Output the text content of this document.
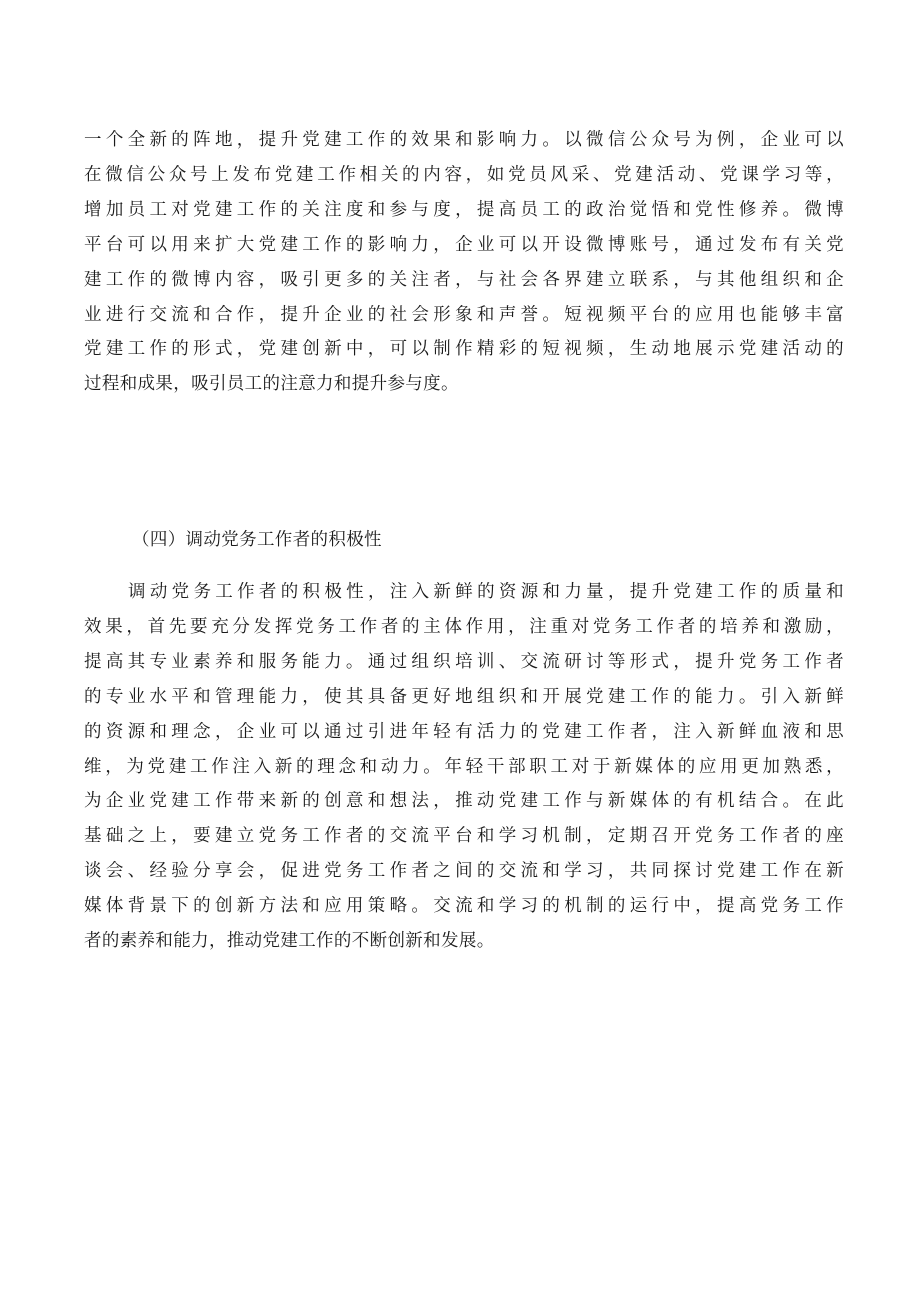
一个全新的阵地，提升党建工作的效果和影响力。以微信公众号为例，企业可以
在微信公众号上发布党建工作相关的内容，如党员风采、党建活动、党课学习等，
增加员工对党建工作的关注度和参与度，提高员工的政治觉悟和党性修养。微博
平台可以用来扩大党建工作的影响力，企业可以开设微博账号，通过发布有关党
建工作的微博内容，吸引更多的关注者，与社会各界建立联系，与其他组织和企
业进行交流和合作，提升企业的社会形象和声誉。短视频平台的应用也能够丰富
党建工作的形式，党建创新中，可以制作精彩的短视频，生动地展示党建活动的
过程和成果，吸引员工的注意力和提升参与度。

（四）调动党务工作者的积极性

调动党务工作者的积极性，注入新鲜的资源和力量，提升党建工作的质量和
效果，首先要充分发挥党务工作者的主体作用，注重对党务工作者的培养和激励，
提高其专业素养和服务能力。通过组织培训、交流研讨等形式，提升党务工作者
的专业水平和管理能力，使其具备更好地组织和开展党建工作的能力。引入新鲜
的资源和理念，企业可以通过引进年轻有活力的党建工作者，注入新鲜血液和思
维，为党建工作注入新的理念和动力。年轻干部职工对于新媒体的应用更加熟悉，
为企业党建工作带来新的创意和想法，推动党建工作与新媒体的有机结合。在此
基础之上，要建立党务工作者的交流平台和学习机制，定期召开党务工作者的座
谈会、经验分享会，促进党务工作者之间的交流和学习，共同探讨党建工作在新
媒体背景下的创新方法和应用策略。交流和学习的机制的运行中，提高党务工作
者的素养和能力，推动党建工作的不断创新和发展。
